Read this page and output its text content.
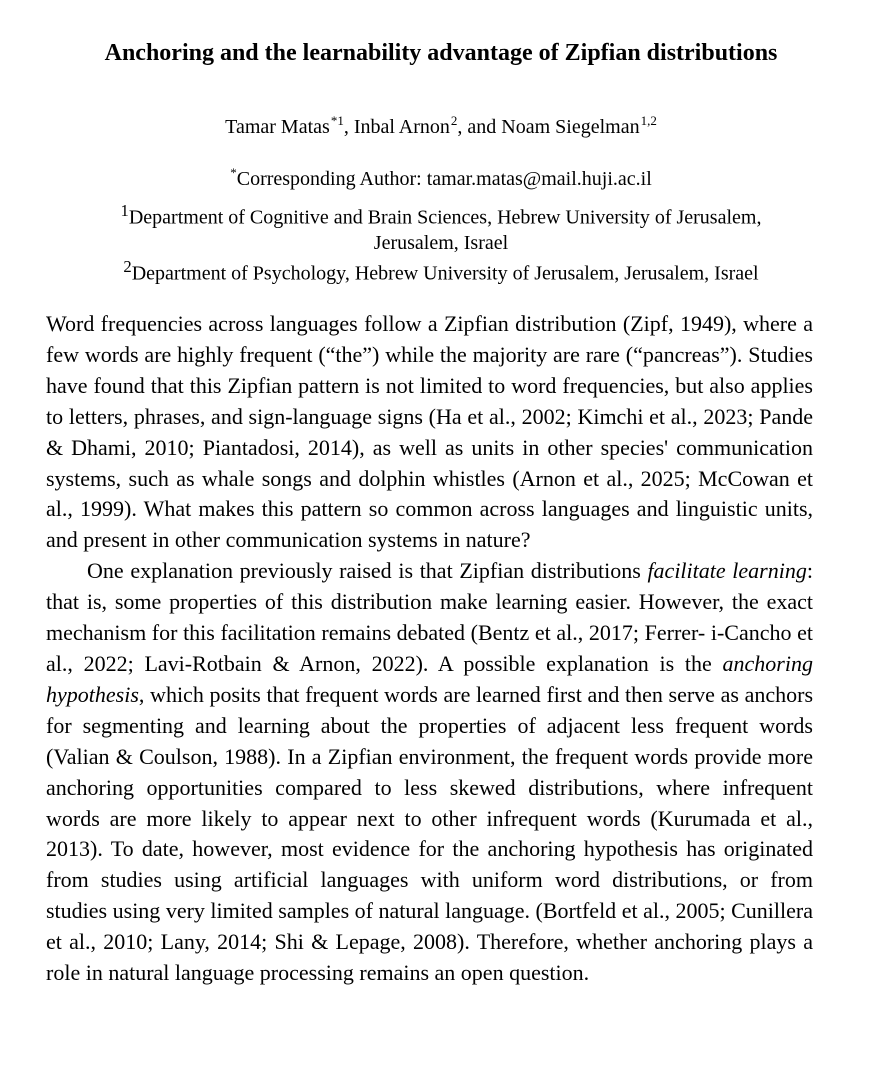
Anchoring and the learnability advantage of Zipfian distributions
Tamar Matas$^{*1}$, Inbal Arnon$^2$, and Noam Siegelman$^{1,2}$
*Corresponding Author: tamar.matas@mail.huji.ac.il
$^1$Department of Cognitive and Brain Sciences, Hebrew University of Jerusalem, Jerusalem, Israel
$^2$Department of Psychology, Hebrew University of Jerusalem, Jerusalem, Israel

Word frequencies across languages follow a Zipfian distribution (Zipf, 1949), where a few words are highly frequent (“the”) while the majority are rare (“pancreas”). Studies have found that this Zipfian pattern is not limited to word frequencies, but also applies to letters, phrases, and sign-language signs (Ha et al., 2002; Kimchi et al., 2023; Pande & Dhami, 2010; Piantadosi, 2014), as well as units in other species' communication systems, such as whale songs and dolphin whistles (Arnon et al., 2025; McCowan et al., 1999). What makes this pattern so common across languages and linguistic units, and present in other communication systems in nature?

One explanation previously raised is that Zipfian distributions facilitate learning: that is, some properties of this distribution make learning easier. However, the exact mechanism for this facilitation remains debated (Bentz et al., 2017; Ferrer- i-Cancho et al., 2022; Lavi-Rotbain & Arnon, 2022). A possible explanation is the anchoring hypothesis, which posits that frequent words are learned first and then serve as anchors for segmenting and learning about the properties of adjacent less frequent words (Valian & Coulson, 1988). In a Zipfian environment, the frequent words provide more anchoring opportunities compared to less skewed distributions, where infrequent words are more likely to appear next to other infrequent words (Kurumada et al., 2013). To date, however, most evidence for the anchoring hypothesis has originated from studies using artificial languages with uniform word distributions, or from studies using very limited samples of natural language. (Bortfeld et al., 2005; Cunillera et al., 2010; Lany, 2014; Shi & Lepage, 2008). Therefore, whether anchoring plays a role in natural language processing remains an open question.
